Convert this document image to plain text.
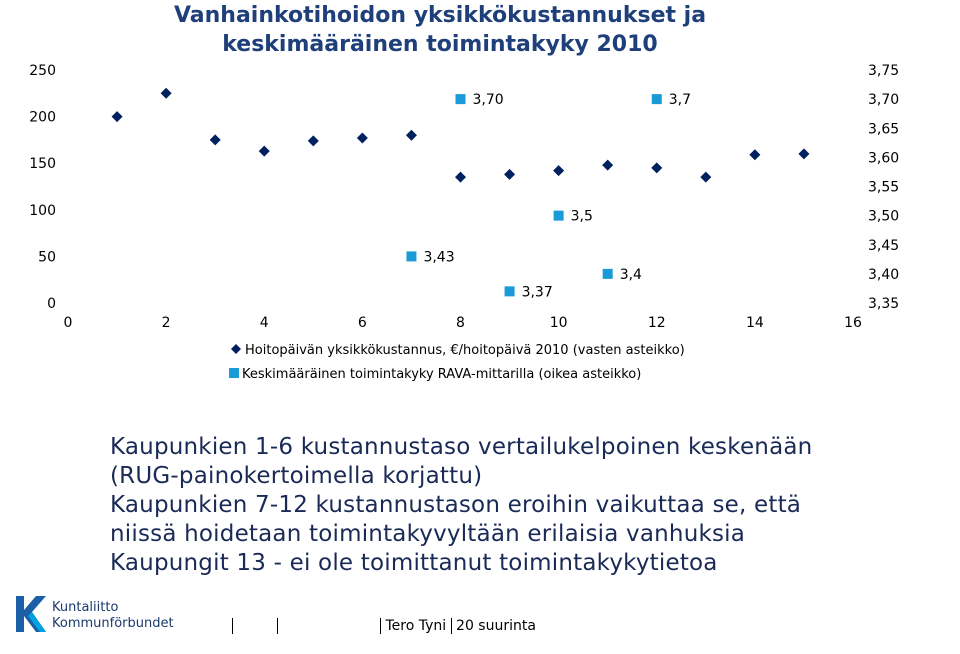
Vanhainkotihoidon yksikkökustannukset ja
keskimääräinen toimintakyky 2010
0	2	4	6	8	10	12	14	16
0
50
100
150
200
250
3,35
3,40
3,45
3,50
3,55
3,60
3,65
3,70
3,75
3,43
3,70
3,37
3,5
3,4
3,7
Hoitopäivän yksikkökustannus, €/hoitopäivä 2010 (vasten asteikko)
Keskimääräinen toimintakyky RAVA-mittarilla (oikea asteikko)
Kaupunkien 1-6 kustannustaso vertailukelpoinen keskenään
(RUG-painokertoimella korjattu)
Kaupunkien 7-12 kustannustason eroihin vaikuttaa se, että
niissä hoidetaan toimintakyvyltään erilaisia vanhuksia
Kaupungit 13 - ei ole toimittanut toimintakykytietoa
Kuntaliitto
Kommunförbundet	Tero Tyni 20 suurinta
